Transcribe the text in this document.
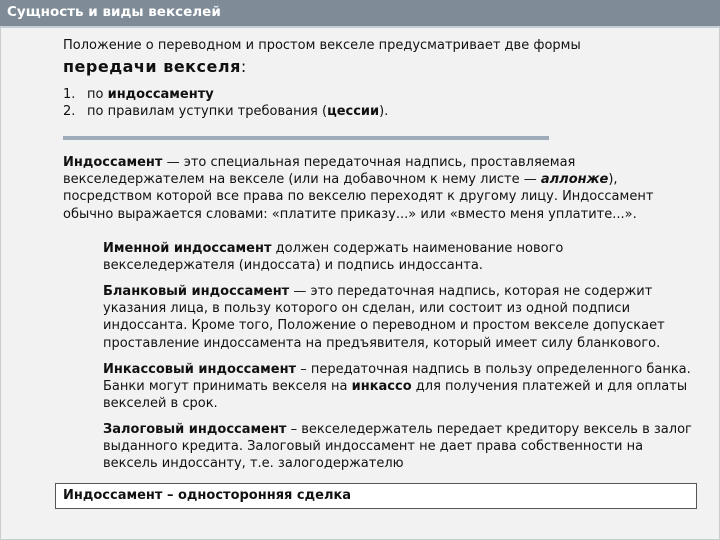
Сущность и виды векселей
Положение о переводном и простом векселе предусматривает две формы
передачи векселя:
1. по индоссаменту
2. по правилам уступки требования (цессии).
Индоссамент — это специальная передаточная надпись, проставляемая векселедержателем на векселе (или на добавочном к нему листе — аллонже), посредством которой все права по векселю переходят к другому лицу. Индоссамент обычно выражается словами: «платите приказу...» или «вместо меня уплатите...».
Именной индоссамент должен содержать наименование нового векселедержателя (индоссата) и подпись индоссанта.
Бланковый индоссамент — это передаточная надпись, которая не содержит указания лица, в пользу которого он сделан, или состоит из одной подписи индоссанта. Кроме того, Положение о переводном и простом векселе допускает проставление индоссамента на предъявителя, который имеет силу бланкового.
Инкассовый индоссамент – передаточная надпись в пользу определенного банка. Банки могут принимать векселя на инкассо для получения платежей и для оплаты векселей в срок.
Залоговый индоссамент – векселедержатель передает кредитору вексель в залог выданного кредита. Залоговый индоссамент не дает права собственности на вексель индоссанту, т.е. залогодержателю
Индоссамент – односторонняя сделка
